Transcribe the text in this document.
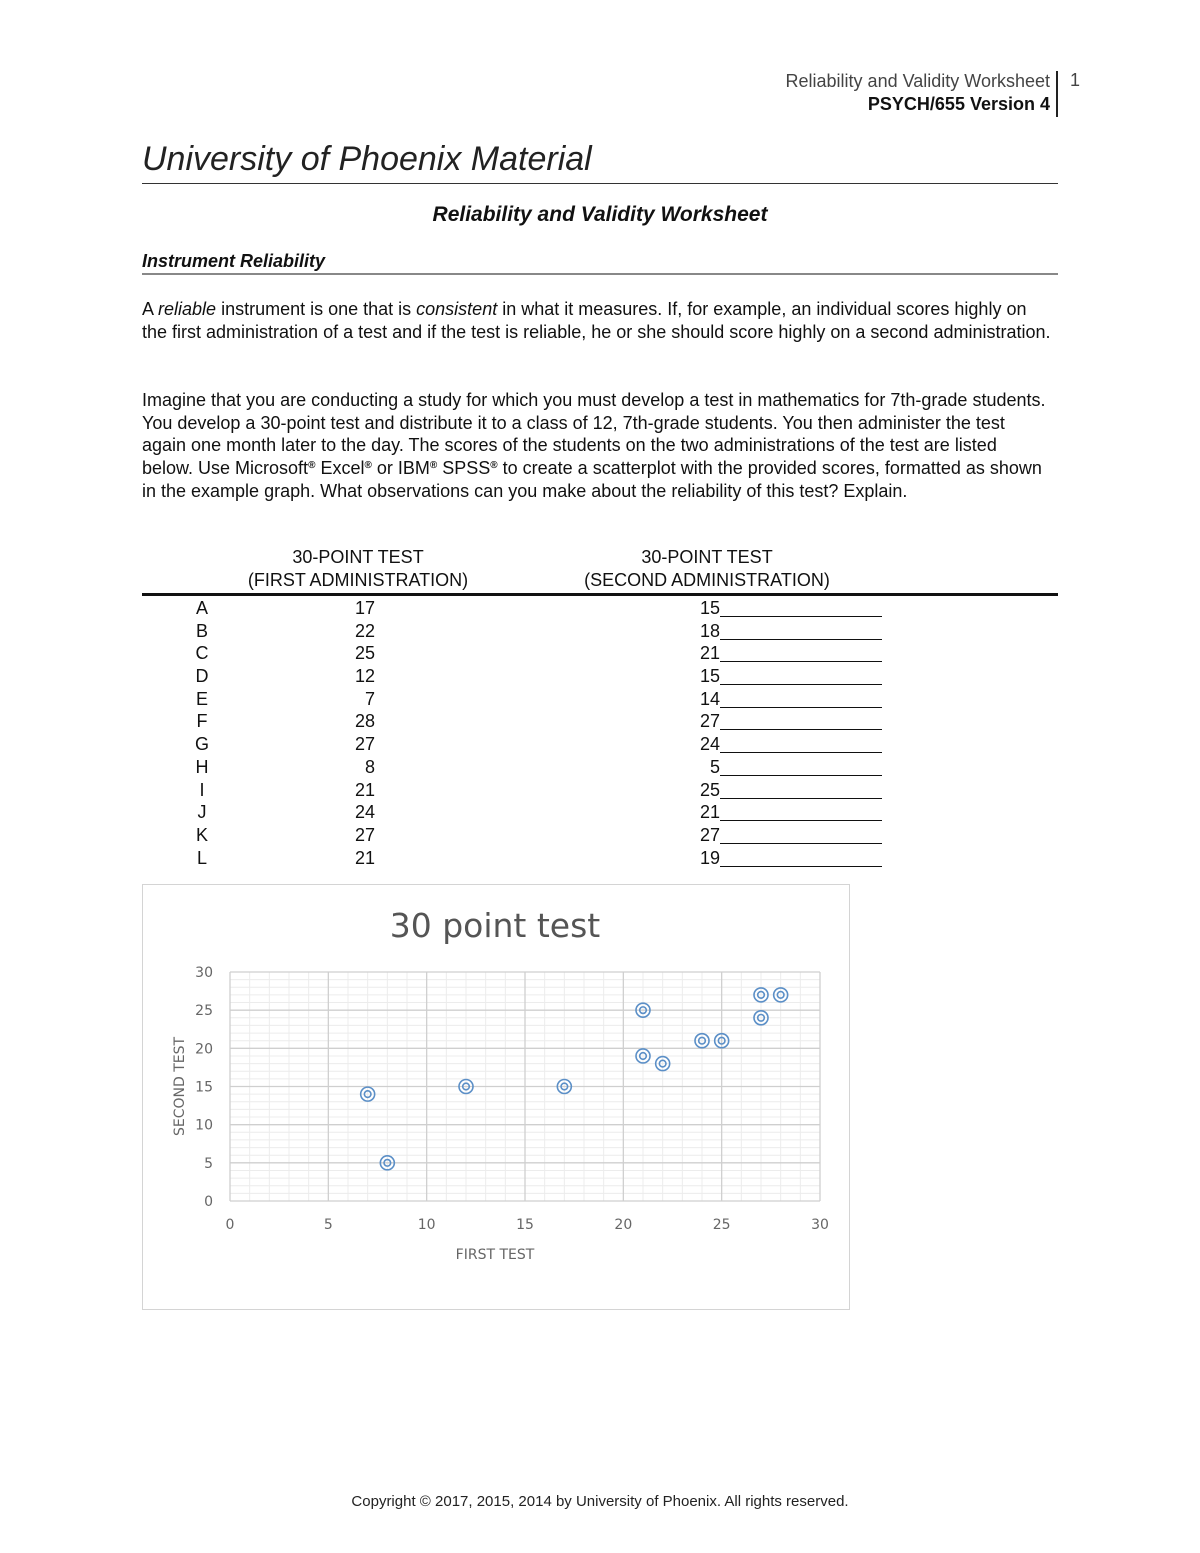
Reliability and Validity Worksheet
PSYCH/655 Version 4
1
University of Phoenix Material
Reliability and Validity Worksheet
Instrument Reliability

A reliable instrument is one that is consistent in what it measures. If, for example, an individual scores highly on the first administration of a test and if the test is reliable, he or she should score highly on a second administration.

Imagine that you are conducting a study for which you must develop a test in mathematics for 7th-grade students. You develop a 30-point test and distribute it to a class of 12, 7th-grade students. You then administer the test again one month later to the day. The scores of the students on the two administrations of the test are listed below. Use Microsoft® Excel® or IBM® SPSS® to create a scatterplot with the provided scores, formatted as shown in the example graph. What observations can you make about the reliability of this test? Explain.

30-POINT TEST
(FIRST ADMINISTRATION)
30-POINT TEST
(SECOND ADMINISTRATION)
A	17	15
B	22	18
C	25	21
D	12	15
E	7	14
F	28	27
G	27	24
H	8	5
I	21	25
J	24	21
K	27	27
L	21	19
0	5	10	15	20	25	30
0
5
10
15
20
25
30
30 point test
FIRST TEST
SECOND TEST
Copyright © 2017, 2015, 2014 by University of Phoenix. All rights reserved.
